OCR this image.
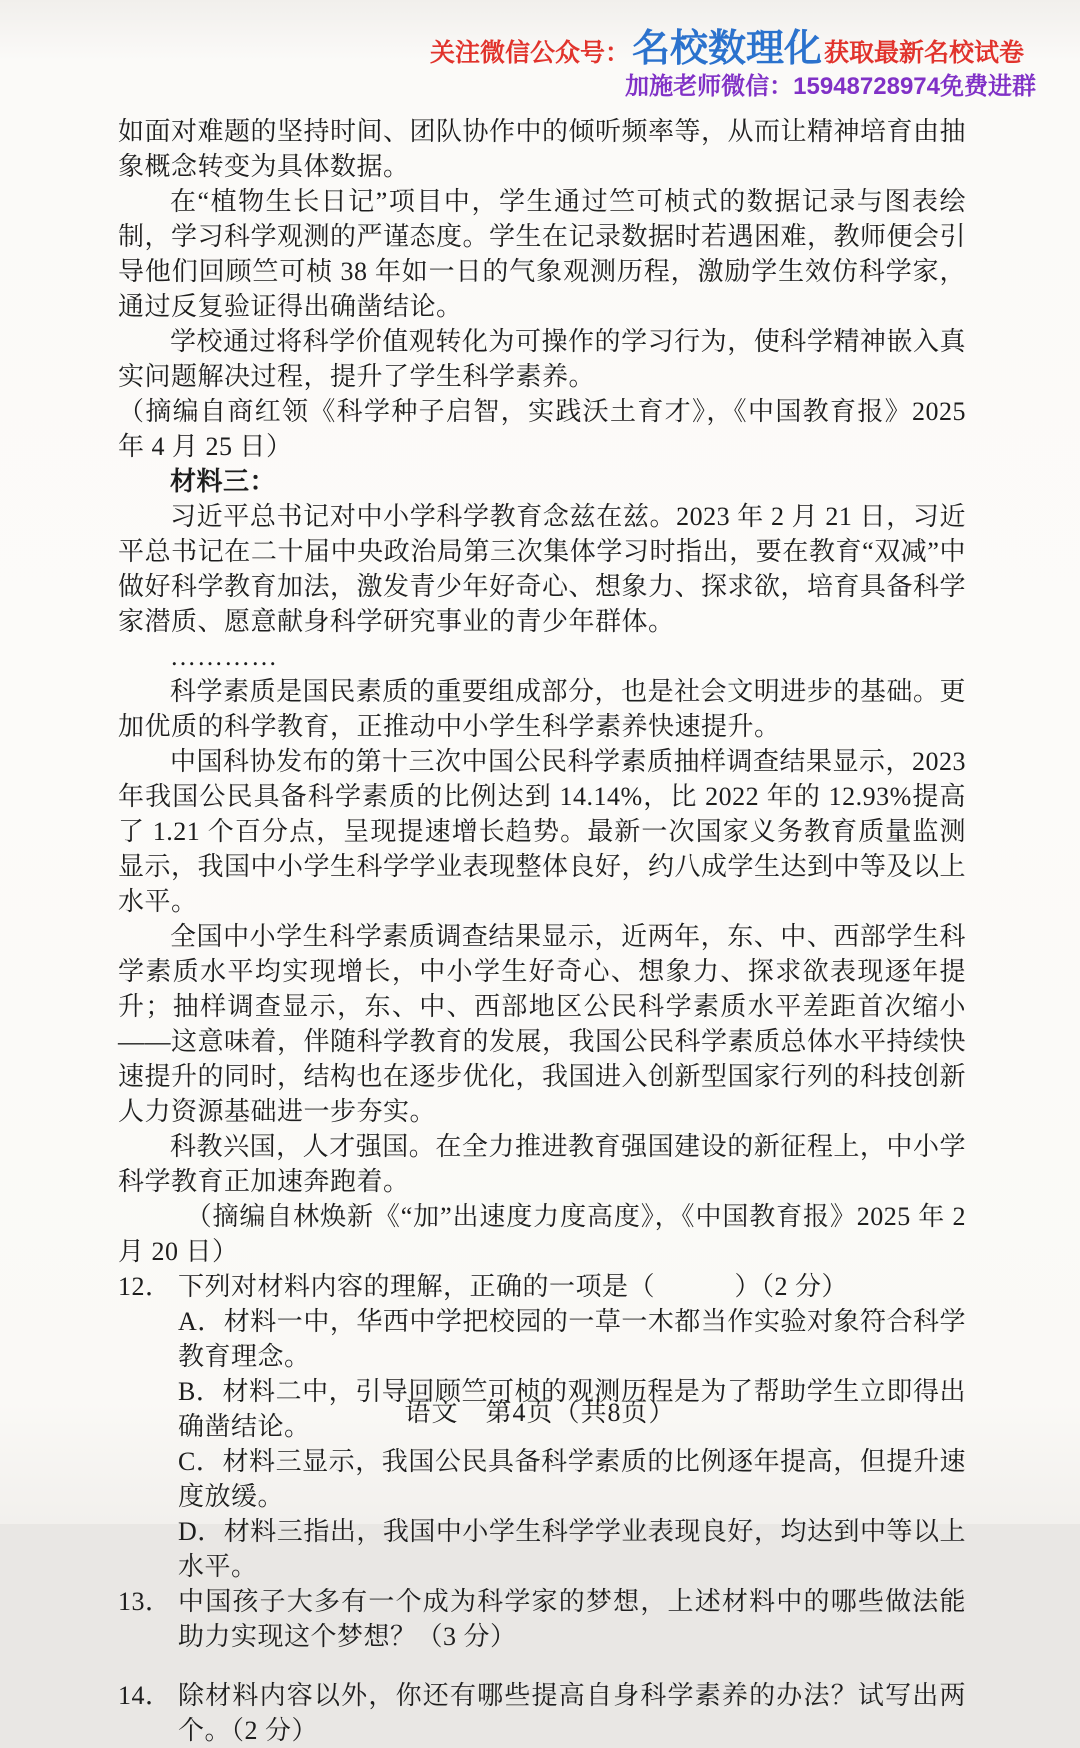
关注微信公众号： 名校数理化 获取最新名校试卷
加施老师微信：15948728974免费进群

如面对难题的坚持时间、团队协作中的倾听频率等，从而让精神培育由抽象概念转变为具体数据。

在“植物生长日记”项目中，学生通过竺可桢式的数据记录与图表绘制，学习科学观测的严谨态度。学生在记录数据时若遇困难，教师便会引导他们回顾竺可桢 38 年如一日的气象观测历程，激励学生效仿科学家，通过反复验证得出确凿结论。

学校通过将科学价值观转化为可操作的学习行为，使科学精神嵌入真实问题解决过程，提升了学生科学素养。

（摘编自商红领《科学种子启智，实践沃土育才》，《中国教育报》2025 年 4 月 25 日）

材料三：

习近平总书记对中小学科学教育念兹在兹。2023 年 2 月 21 日，习近平总书记在二十届中央政治局第三次集体学习时指出，要在教育“双减”中做好科学教育加法，激发青少年好奇心、想象力、探求欲，培育具备科学家潜质、愿意献身科学研究事业的青少年群体。

…………

科学素质是国民素质的重要组成部分，也是社会文明进步的基础。更加优质的科学教育，正推动中小学生科学素养快速提升。

中国科协发布的第十三次中国公民科学素质抽样调查结果显示，2023 年我国公民具备科学素质的比例达到 14.14%，比 2022 年的 12.93%提高了 1.21 个百分点，呈现提速增长趋势。最新一次国家义务教育质量监测显示，我国中小学生科学学业表现整体良好，约八成学生达到中等及以上水平。

全国中小学生科学素质调查结果显示，近两年，东、中、西部学生科学素质水平均实现增长，中小学生好奇心、想象力、探求欲表现逐年提升；抽样调查显示，东、中、西部地区公民科学素质水平差距首次缩小——这意味着，伴随科学教育的发展，我国公民科学素质总体水平持续快速提升的同时，结构也在逐步优化，我国进入创新型国家行列的科技创新人力资源基础进一步夯实。

科教兴国，人才强国。在全力推进教育强国建设的新征程上，中小学科学教育正加速奔跑着。

（摘编自林焕新《“加”出速度力度高度》，《中国教育报》2025 年 2 月 20 日）

12． 下列对材料内容的理解，正确的一项是（　　　）（2 分）
A．材料一中，华西中学把校园的一草一木都当作实验对象符合科学教育理念。
B．材料二中，引导回顾竺可桢的观测历程是为了帮助学生立即得出确凿结论。
C．材料三显示，我国公民具备科学素质的比例逐年提高，但提升速度放缓。
D．材料三指出，我国中小学生科学学业表现良好，均达到中等以上水平。
13． 中国孩子大多有一个成为科学家的梦想，上述材料中的哪些做法能助力实现这个梦想？（3 分）
14． 除材料内容以外，你还有哪些提高自身科学素养的办法？试写出两个。（2 分）
语文　第4页（共8页）
